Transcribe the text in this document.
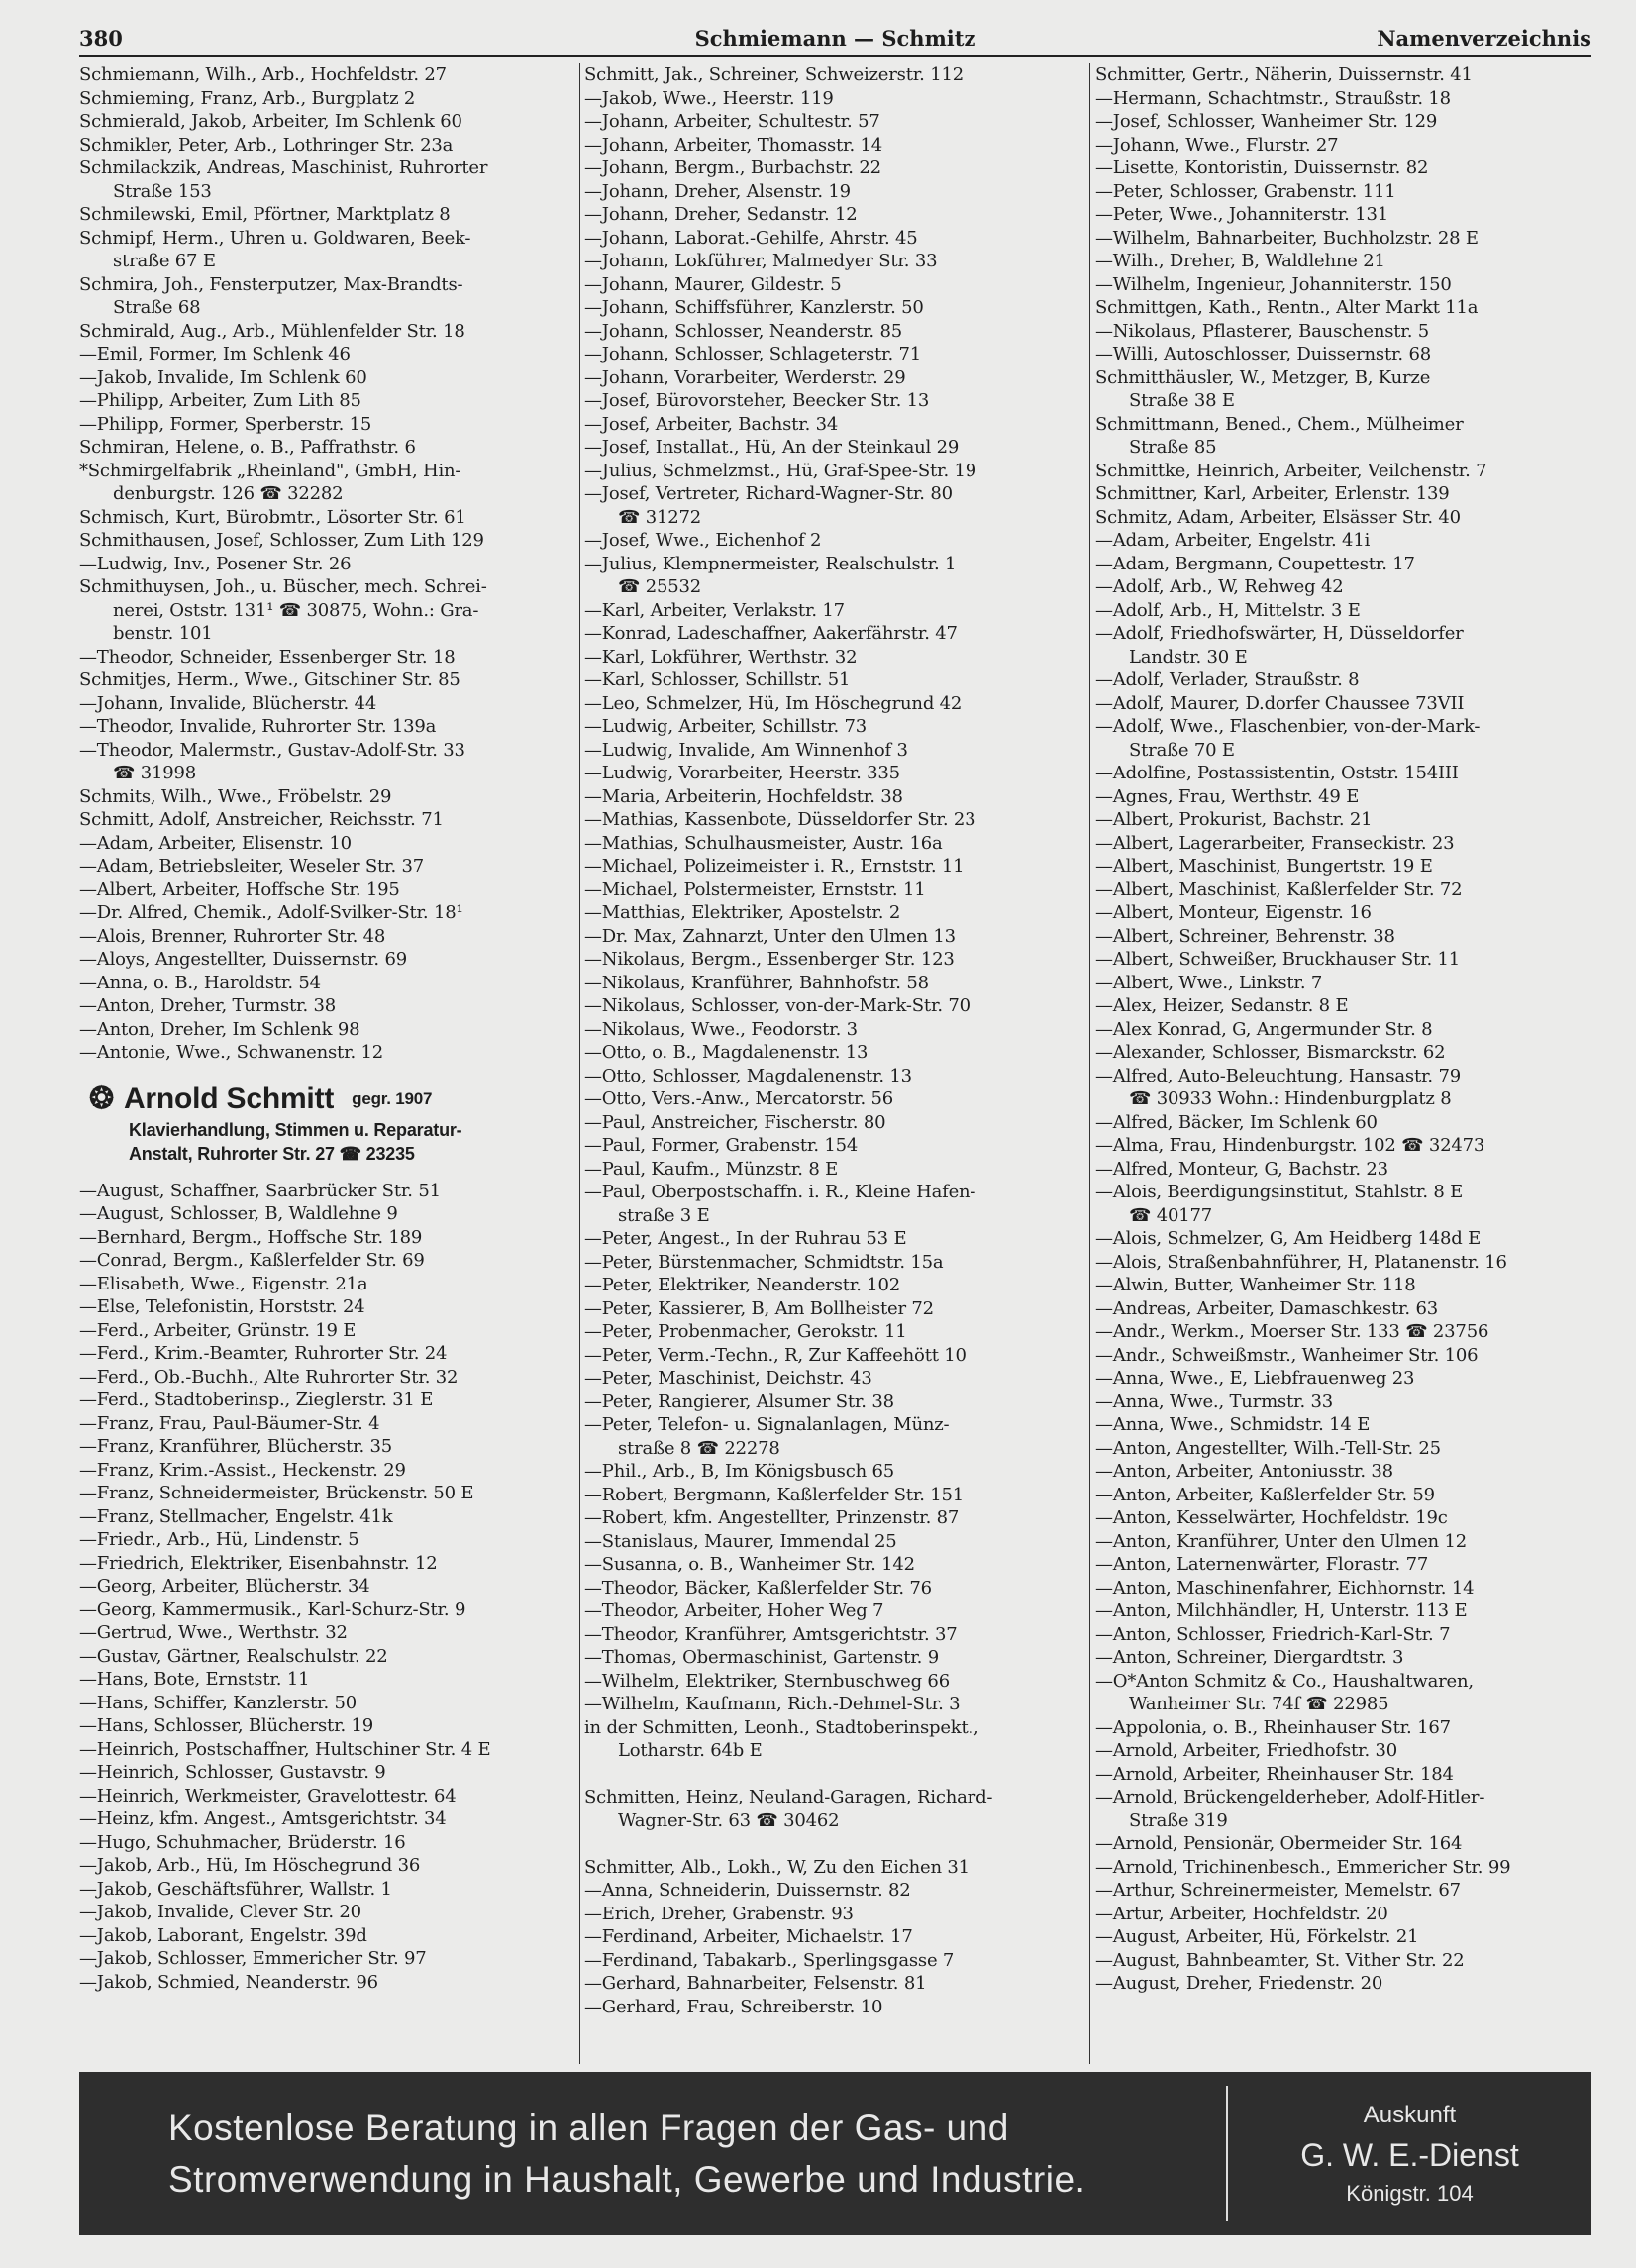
380	Schmiemann — Schmitz	Namenverzeichnis
Schmiemann, Wilh., Arb., Hochfeldstr. 27
Schmieming, Franz, Arb., Burgplatz 2
Schmierald, Jakob, Arbeiter, Im Schlenk 60
Schmikler, Peter, Arb., Lothringer Str. 23a
Schmilackzik, Andreas, Maschinist, Ruhrorter
Straße 153
Schmilewski, Emil, Pförtner, Marktplatz 8
Schmipf, Herm., Uhren u. Goldwaren, Beek-
straße 67 E
Schmira, Joh., Fensterputzer, Max-Brandts-
Straße 68
Schmirald, Aug., Arb., Mühlenfelder Str. 18
—Emil, Former, Im Schlenk 46
—Jakob, Invalide, Im Schlenk 60
—Philipp, Arbeiter, Zum Lith 85
—Philipp, Former, Sperberstr. 15
Schmiran, Helene, o. B., Paffrathstr. 6
*Schmirgelfabrik „Rheinland", GmbH, Hin-
denburgstr. 126 ☎ 32282
Schmisch, Kurt, Bürobmtr., Lösorter Str. 61
Schmithausen, Josef, Schlosser, Zum Lith 129
—Ludwig, Inv., Posener Str. 26
Schmithuysen, Joh., u. Büscher, mech. Schrei-
nerei, Oststr. 131¹ ☎ 30875, Wohn.: Gra-
benstr. 101
—Theodor, Schneider, Essenberger Str. 18
Schmitjes, Herm., Wwe., Gitschiner Str. 85
—Johann, Invalide, Blücherstr. 44
—Theodor, Invalide, Ruhrorter Str. 139a
—Theodor, Malermstr., Gustav-Adolf-Str. 33
☎ 31998
Schmits, Wilh., Wwe., Fröbelstr. 29
Schmitt, Adolf, Anstreicher, Reichsstr. 71
—Adam, Arbeiter, Elisenstr. 10
—Adam, Betriebsleiter, Weseler Str. 37
—Albert, Arbeiter, Hoffsche Str. 195
—Dr. Alfred, Chemik., Adolf-Svilker-Str. 18¹
—Alois, Brenner, Ruhrorter Str. 48
—Aloys, Angestellter, Duissernstr. 69
—Anna, o. B., Haroldstr. 54
—Anton, Dreher, Turmstr. 38
—Anton, Dreher, Im Schlenk 98
—Antonie, Wwe., Schwanenstr. 12
❂ Arnold Schmitt gegr. 1907
Klavierhandlung, Stimmen u. Reparatur-
Anstalt, Ruhrorter Str. 27 ☎ 23235
—August, Schaffner, Saarbrücker Str. 51
—August, Schlosser, B, Waldlehne 9
—Bernhard, Bergm., Hoffsche Str. 189
—Conrad, Bergm., Kaßlerfelder Str. 69
—Elisabeth, Wwe., Eigenstr. 21a
—Else, Telefonistin, Horststr. 24
—Ferd., Arbeiter, Grünstr. 19 E
—Ferd., Krim.-Beamter, Ruhrorter Str. 24
—Ferd., Ob.-Buchh., Alte Ruhrorter Str. 32
—Ferd., Stadtoberinsp., Zieglerstr. 31 E
—Franz, Frau, Paul-Bäumer-Str. 4
—Franz, Kranführer, Blücherstr. 35
—Franz, Krim.-Assist., Heckenstr. 29
—Franz, Schneidermeister, Brückenstr. 50 E
—Franz, Stellmacher, Engelstr. 41k
—Friedr., Arb., Hü, Lindenstr. 5
—Friedrich, Elektriker, Eisenbahnstr. 12
—Georg, Arbeiter, Blücherstr. 34
—Georg, Kammermusik., Karl-Schurz-Str. 9
—Gertrud, Wwe., Werthstr. 32
—Gustav, Gärtner, Realschulstr. 22
—Hans, Bote, Ernststr. 11
—Hans, Schiffer, Kanzlerstr. 50
—Hans, Schlosser, Blücherstr. 19
—Heinrich, Postschaffner, Hultschiner Str. 4 E
—Heinrich, Schlosser, Gustavstr. 9
—Heinrich, Werkmeister, Gravelottestr. 64
—Heinz, kfm. Angest., Amtsgerichtstr. 34
—Hugo, Schuhmacher, Brüderstr. 16
—Jakob, Arb., Hü, Im Höschegrund 36
—Jakob, Geschäftsführer, Wallstr. 1
—Jakob, Invalide, Clever Str. 20
—Jakob, Laborant, Engelstr. 39d
—Jakob, Schlosser, Emmericher Str. 97
—Jakob, Schmied, Neanderstr. 96
Schmitt, Jak., Schreiner, Schweizerstr. 112
—Jakob, Wwe., Heerstr. 119
—Johann, Arbeiter, Schultestr. 57
—Johann, Arbeiter, Thomasstr. 14
—Johann, Bergm., Burbachstr. 22
—Johann, Dreher, Alsenstr. 19
—Johann, Dreher, Sedanstr. 12
—Johann, Laborat.-Gehilfe, Ahrstr. 45
—Johann, Lokführer, Malmedyer Str. 33
—Johann, Maurer, Gildestr. 5
—Johann, Schiffsführer, Kanzlerstr. 50
—Johann, Schlosser, Neanderstr. 85
—Johann, Schlosser, Schlageterstr. 71
—Johann, Vorarbeiter, Werderstr. 29
—Josef, Bürovorsteher, Beecker Str. 13
—Josef, Arbeiter, Bachstr. 34
—Josef, Installat., Hü, An der Steinkaul 29
—Julius, Schmelzmst., Hü, Graf-Spee-Str. 19
—Josef, Vertreter, Richard-Wagner-Str. 80
☎ 31272
—Josef, Wwe., Eichenhof 2
—Julius, Klempnermeister, Realschulstr. 1
☎ 25532
—Karl, Arbeiter, Verlakstr. 17
—Konrad, Ladeschaffner, Aakerfährstr. 47
—Karl, Lokführer, Werthstr. 32
—Karl, Schlosser, Schillstr. 51
—Leo, Schmelzer, Hü, Im Höschegrund 42
—Ludwig, Arbeiter, Schillstr. 73
—Ludwig, Invalide, Am Winnenhof 3
—Ludwig, Vorarbeiter, Heerstr. 335
—Maria, Arbeiterin, Hochfeldstr. 38
—Mathias, Kassenbote, Düsseldorfer Str. 23
—Mathias, Schulhausmeister, Austr. 16a
—Michael, Polizeimeister i. R., Ernststr. 11
—Michael, Polstermeister, Ernststr. 11
—Matthias, Elektriker, Apostelstr. 2
—Dr. Max, Zahnarzt, Unter den Ulmen 13
—Nikolaus, Bergm., Essenberger Str. 123
—Nikolaus, Kranführer, Bahnhofstr. 58
—Nikolaus, Schlosser, von-der-Mark-Str. 70
—Nikolaus, Wwe., Feodorstr. 3
—Otto, o. B., Magdalenenstr. 13
—Otto, Schlosser, Magdalenenstr. 13
—Otto, Vers.-Anw., Mercatorstr. 56
—Paul, Anstreicher, Fischerstr. 80
—Paul, Former, Grabenstr. 154
—Paul, Kaufm., Münzstr. 8 E
—Paul, Oberpostschaffn. i. R., Kleine Hafen-
straße 3 E
—Peter, Angest., In der Ruhrau 53 E
—Peter, Bürstenmacher, Schmidtstr. 15a
—Peter, Elektriker, Neanderstr. 102
—Peter, Kassierer, B, Am Bollheister 72
—Peter, Probenmacher, Gerokstr. 11
—Peter, Verm.-Techn., R, Zur Kaffeehött 10
—Peter, Maschinist, Deichstr. 43
—Peter, Rangierer, Alsumer Str. 38
—Peter, Telefon- u. Signalanlagen, Münz-
straße 8 ☎ 22278
—Phil., Arb., B, Im Königsbusch 65
—Robert, Bergmann, Kaßlerfelder Str. 151
—Robert, kfm. Angestellter, Prinzenstr. 87
—Stanislaus, Maurer, Immendal 25
—Susanna, o. B., Wanheimer Str. 142
—Theodor, Bäcker, Kaßlerfelder Str. 76
—Theodor, Arbeiter, Hoher Weg 7
—Theodor, Kranführer, Amtsgerichtstr. 37
—Thomas, Obermaschinist, Gartenstr. 9
—Wilhelm, Elektriker, Sternbuschweg 66
—Wilhelm, Kaufmann, Rich.-Dehmel-Str. 3
in der Schmitten, Leonh., Stadtoberinspekt.,
Lotharstr. 64b E
Schmitten, Heinz, Neuland-Garagen, Richard-
Wagner-Str. 63 ☎ 30462
Schmitter, Alb., Lokh., W, Zu den Eichen 31
—Anna, Schneiderin, Duissernstr. 82
—Erich, Dreher, Grabenstr. 93
—Ferdinand, Arbeiter, Michaelstr. 17
—Ferdinand, Tabakarb., Sperlingsgasse 7
—Gerhard, Bahnarbeiter, Felsenstr. 81
—Gerhard, Frau, Schreiberstr. 10
Schmitter, Gertr., Näherin, Duissernstr. 41
—Hermann, Schachtmstr., Straußstr. 18
—Josef, Schlosser, Wanheimer Str. 129
—Johann, Wwe., Flurstr. 27
—Lisette, Kontoristin, Duissernstr. 82
—Peter, Schlosser, Grabenstr. 111
—Peter, Wwe., Johanniterstr. 131
—Wilhelm, Bahnarbeiter, Buchholzstr. 28 E
—Wilh., Dreher, B, Waldlehne 21
—Wilhelm, Ingenieur, Johanniterstr. 150
Schmittgen, Kath., Rentn., Alter Markt 11a
—Nikolaus, Pflasterer, Bauschenstr. 5
—Willi, Autoschlosser, Duissernstr. 68
Schmitthäusler, W., Metzger, B, Kurze
Straße 38 E
Schmittmann, Bened., Chem., Mülheimer
Straße 85
Schmittke, Heinrich, Arbeiter, Veilchenstr. 7
Schmittner, Karl, Arbeiter, Erlenstr. 139
Schmitz, Adam, Arbeiter, Elsässer Str. 40
—Adam, Arbeiter, Engelstr. 41i
—Adam, Bergmann, Coupettestr. 17
—Adolf, Arb., W, Rehweg 42
—Adolf, Arb., H, Mittelstr. 3 E
—Adolf, Friedhofswärter, H, Düsseldorfer
Landstr. 30 E
—Adolf, Verlader, Straußstr. 8
—Adolf, Maurer, D.dorfer Chaussee 73VII
—Adolf, Wwe., Flaschenbier, von-der-Mark-
Straße 70 E
—Adolfine, Postassistentin, Oststr. 154III
—Agnes, Frau, Werthstr. 49 E
—Albert, Prokurist, Bachstr. 21
—Albert, Lagerarbeiter, Franseckistr. 23
—Albert, Maschinist, Bungertstr. 19 E
—Albert, Maschinist, Kaßlerfelder Str. 72
—Albert, Monteur, Eigenstr. 16
—Albert, Schreiner, Behrenstr. 38
—Albert, Schweißer, Bruckhauser Str. 11
—Albert, Wwe., Linkstr. 7
—Alex, Heizer, Sedanstr. 8 E
—Alex Konrad, G, Angermunder Str. 8
—Alexander, Schlosser, Bismarckstr. 62
—Alfred, Auto-Beleuchtung, Hansastr. 79
☎ 30933 Wohn.: Hindenburgplatz 8
—Alfred, Bäcker, Im Schlenk 60
—Alma, Frau, Hindenburgstr. 102 ☎ 32473
—Alfred, Monteur, G, Bachstr. 23
—Alois, Beerdigungsinstitut, Stahlstr. 8 E
☎ 40177
—Alois, Schmelzer, G, Am Heidberg 148d E
—Alois, Straßenbahnführer, H, Platanenstr. 16
—Alwin, Butter, Wanheimer Str. 118
—Andreas, Arbeiter, Damaschkestr. 63
—Andr., Werkm., Moerser Str. 133 ☎ 23756
—Andr., Schweißmstr., Wanheimer Str. 106
—Anna, Wwe., E, Liebfrauenweg 23
—Anna, Wwe., Turmstr. 33
—Anna, Wwe., Schmidstr. 14 E
—Anton, Angestellter, Wilh.-Tell-Str. 25
—Anton, Arbeiter, Antoniusstr. 38
—Anton, Arbeiter, Kaßlerfelder Str. 59
—Anton, Kesselwärter, Hochfeldstr. 19c
—Anton, Kranführer, Unter den Ulmen 12
—Anton, Laternenwärter, Florastr. 77
—Anton, Maschinenfahrer, Eichhornstr. 14
—Anton, Milchhändler, H, Unterstr. 113 E
—Anton, Schlosser, Friedrich-Karl-Str. 7
—Anton, Schreiner, Diergardtstr. 3
—O*Anton Schmitz & Co., Haushaltwaren,
Wanheimer Str. 74f ☎ 22985
—Appolonia, o. B., Rheinhauser Str. 167
—Arnold, Arbeiter, Friedhofstr. 30
—Arnold, Arbeiter, Rheinhauser Str. 184
—Arnold, Brückengelderheber, Adolf-Hitler-
Straße 319
—Arnold, Pensionär, Obermeider Str. 164
—Arnold, Trichinenbesch., Emmericher Str. 99
—Arthur, Schreinermeister, Memelstr. 67
—Artur, Arbeiter, Hochfeldstr. 20
—August, Arbeiter, Hü, Förkelstr. 21
—August, Bahnbeamter, St. Vither Str. 22
—August, Dreher, Friedenstr. 20
Kostenlose Beratung in allen Fragen der Gas- und
Stromverwendung in Haushalt, Gewerbe und Industrie.
Auskunft
G. W. E.-Dienst
Königstr. 104
